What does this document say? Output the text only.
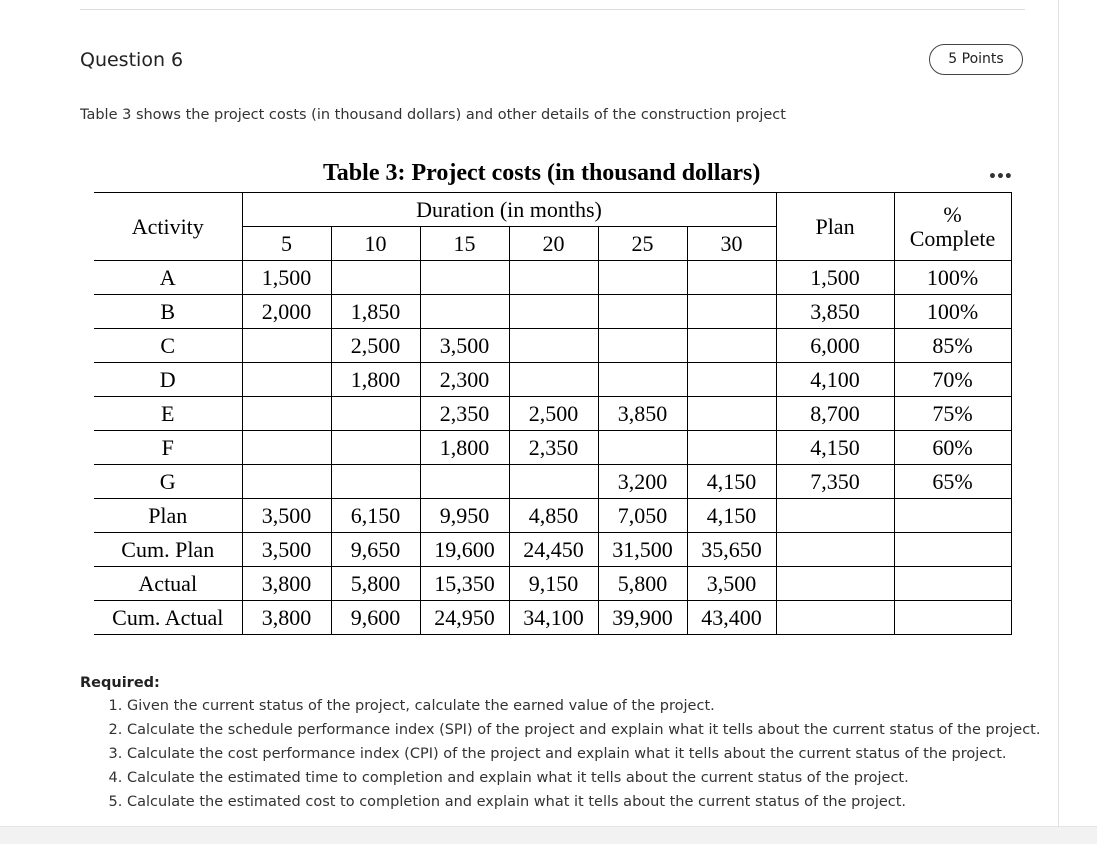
Question 6	5 Points
Table 3 shows the project costs (in thousand dollars) and other details of the construction project
Table 3: Project costs (in thousand dollars)	•••
Activity	Duration (in months)						Plan	%
Complete

	5	10	15	20	25	30		
A	1,500						1,500	100%
B	2,000	1,850					3,850	100%
C		2,500	3,500				6,000	85%
D		1,800	2,300				4,100	70%
E			2,350	2,500	3,850		8,700	75%
F			1,800	2,350			4,150	60%
G					3,200	4,150	7,350	65%
Plan	3,500	6,150	9,950	4,850	7,050	4,150		
Cum. Plan	3,500	9,650	19,600	24,450	31,500	35,650		
Actual	3,800	5,800	15,350	9,150	5,800	3,500		
Cum. Actual	3,800	9,600	24,950	34,100	39,900	43,400		
Required:
1. Given the current status of the project, calculate the earned value of the project.
2. Calculate the schedule performance index (SPI) of the project and explain what it tells about the current status of the project.
3. Calculate the cost performance index (CPI) of the project and explain what it tells about the current status of the project.
4. Calculate the estimated time to completion and explain what it tells about the current status of the project.
5. Calculate the estimated cost to completion and explain what it tells about the current status of the project.
